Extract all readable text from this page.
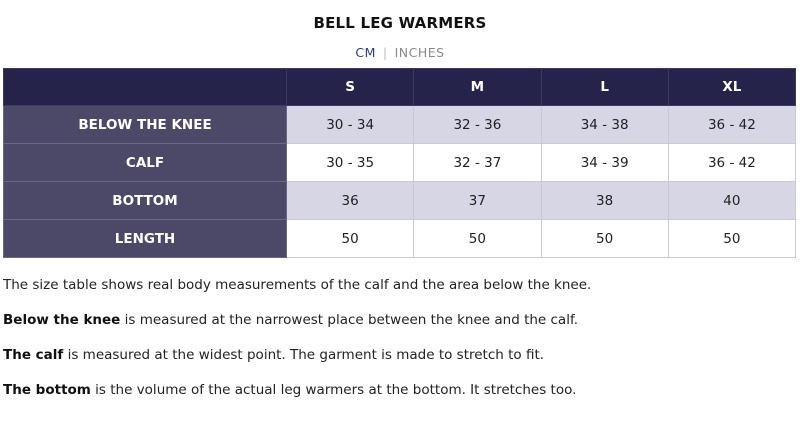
BELL LEG WARMERS
CM | INCHES
	S	M	L	XL
BELOW THE KNEE	30 - 34	32 - 36	34 - 38	36 - 42
CALF	30 - 35	32 - 37	34 - 39	36 - 42
BOTTOM	36	37	38	40
LENGTH	50	50	50	50

The size table shows real body measurements of the calf and the area below the knee.

Below the knee is measured at the narrowest place between the knee and the calf.

The calf is measured at the widest point. The garment is made to stretch to fit.

The bottom is the volume of the actual leg warmers at the bottom. It stretches too.
